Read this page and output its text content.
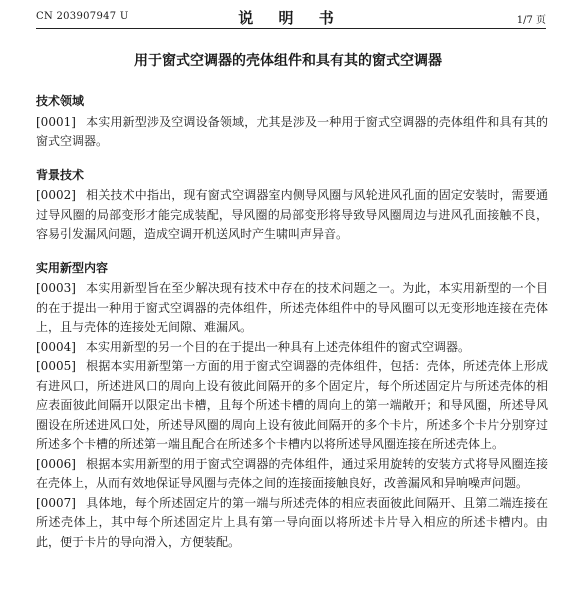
CN 203907947 U	说 明 书	1/7 页
用于窗式空调器的壳体组件和具有其的窗式空调器
技术领域

[0001] 本实用新型涉及空调设备领域，尤其是涉及一种用于窗式空调器的壳体组件和具有其的窗式空调器。

背景技术

[0002] 相关技术中指出，现有窗式空调器室内侧导风圈与风轮进风孔面的固定安装时，需要通过导风圈的局部变形才能完成装配，导风圈的局部变形将导致导风圈周边与进风孔面接触不良，容易引发漏风问题，造成空调开机送风时产生啸叫声异音。

实用新型内容

[0003] 本实用新型旨在至少解决现有技术中存在的技术问题之一。为此，本实用新型的一个目的在于提出一种用于窗式空调器的壳体组件，所述壳体组件中的导风圈可以无变形地连接在壳体上，且与壳体的连接处无间隙、难漏风。

[0004] 本实用新型的另一个目的在于提出一种具有上述壳体组件的窗式空调器。

[0005] 根据本实用新型第一方面的用于窗式空调器的壳体组件，包括：壳体，所述壳体上形成有进风口，所述进风口的周向上设有彼此间隔开的多个固定片，每个所述固定片与所述壳体的相应表面彼此间隔开以限定出卡槽，且每个所述卡槽的周向上的第一端敞开；和导风圈，所述导风圈设在所述进风口处，所述导风圈的周向上设有彼此间隔开的多个卡片，所述多个卡片分别穿过所述多个卡槽的所述第一端且配合在所述多个卡槽内以将所述导风圈连接在所述壳体上。

[0006] 根据本实用新型的用于窗式空调器的壳体组件，通过采用旋转的安装方式将导风圈连接在壳体上，从而有效地保证导风圈与壳体之间的连接面接触良好，改善漏风和异响噪声问题。

[0007] 具体地，每个所述固定片的第一端与所述壳体的相应表面彼此间隔开、且第二端连接在所述壳体上，其中每个所述固定片上具有第一导向面以将所述卡片导入相应的所述卡槽内。由此，便于卡片的导向滑入，方便装配。
